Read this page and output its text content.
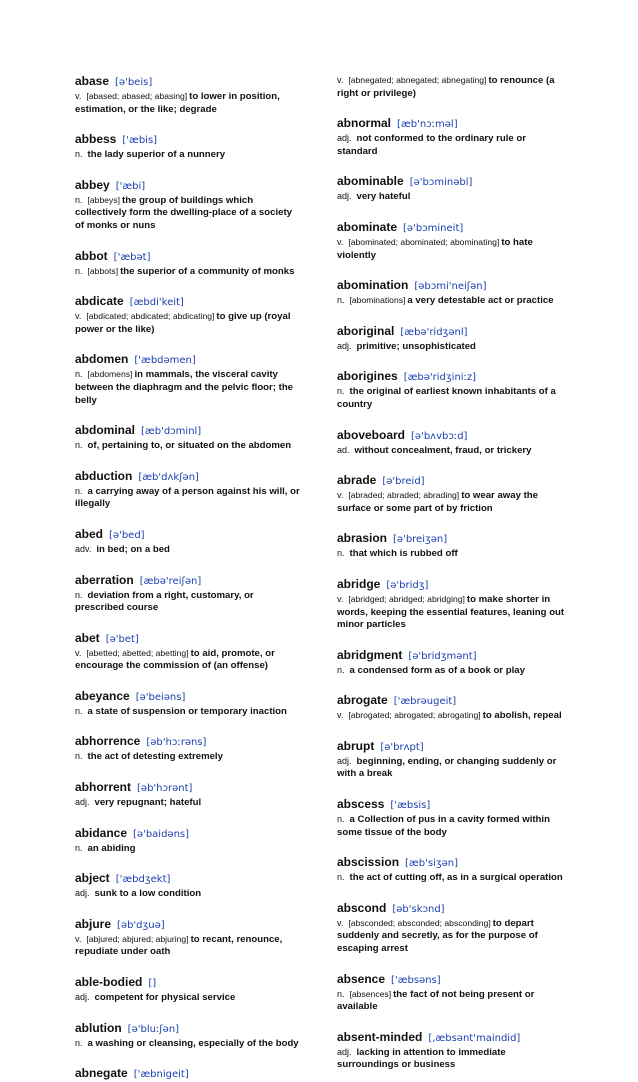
abase [ə'beis]
v. [abased; abased; abasing] to lower in position, estimation, or the like; degrade
abbess ['æbis]
n. the lady superior of a nunnery
abbey ['æbi]
n. [abbeys] the group of buildings which collectively form the dwelling-place of a society of monks or nuns
abbot ['æbət]
n. [abbots] the superior of a community of monks
abdicate [æbdi'keit]
v. [abdicated; abdicated; abdicating] to give up (royal power or the like)
abdomen ['æbdəmen]
n. [abdomens] in mammals, the visceral cavity between the diaphragm and the pelvic floor; the belly
abdominal [æb'dɔminl]
n. of, pertaining to, or situated on the abdomen
abduction [æb'dʌkʃən]
n. a carrying away of a person against his will, or illegally
abed [ə'bed]
adv. in bed; on a bed
aberration [æbə'reiʃən]
n. deviation from a right, customary, or prescribed course
abet [ə'bet]
v. [abetted; abetted; abetting] to aid, promote, or encourage the commission of (an offense)
abeyance [ə'beiəns]
n. a state of suspension or temporary inaction
abhorrence [əb'hɔːrəns]
n. the act of detesting extremely
abhorrent [əb'hɔrənt]
adj. very repugnant; hateful
abidance [ə'baidəns]
n. an abiding
abject ['æbdʒekt]
adj. sunk to a low condition
abjure [əb'dʒuə]
v. [abjured; abjured; abjuring] to recant, renounce, repudiate under oath
able-bodied []
adj. competent for physical service
ablution [ə'bluːʃən]
n. a washing or cleansing, especially of the body
abnegate ['æbnigeit]
v. [abnegated; abnegated; abnegating] to renounce (a right or privilege)
abnormal [æb'nɔːməl]
adj. not conformed to the ordinary rule or standard
abominable [ə'bɔminəbl]
adj. very hateful
abominate [ə'bɔmineit]
v. [abominated; abominated; abominating] to hate violently
abomination [əbɔmi'neiʃən]
n. [abominations] a very detestable act or practice
aboriginal [æbə'ridʒənl]
adj. primitive; unsophisticated
aborigines [æbə'ridʒiniːz]
n. the original of earliest known inhabitants of a country
aboveboard [ə'bʌvbɔːd]
ad. without concealment, fraud, or trickery
abrade [ə'breid]
v. [abraded; abraded; abrading] to wear away the surface or some part of by friction
abrasion [ə'breiʒən]
n. that which is rubbed off
abridge [ə'bridʒ]
v. [abridged; abridged; abridging] to make shorter in words, keeping the essential features, leaning out minor particles
abridgment [ə'bridʒmənt]
n. a condensed form as of a book or play
abrogate ['æbrəugeit]
v. [abrogated; abrogated; abrogating] to abolish, repeal
abrupt [ə'brʌpt]
adj. beginning, ending, or changing suddenly or with a break
abscess ['æbsis]
n. a Collection of pus in a cavity formed within some tissue of the body
abscission [æb'siʒən]
n. the act of cutting off, as in a surgical operation
abscond [əb'skɔnd]
v. [absconded; absconded; absconding] to depart suddenly and secretly, as for the purpose of escaping arrest
absence ['æbsəns]
n. [absences] the fact of not being present or available
absent-minded [,æbsənt'maindid]
adj. lacking in attention to immediate surroundings or business
